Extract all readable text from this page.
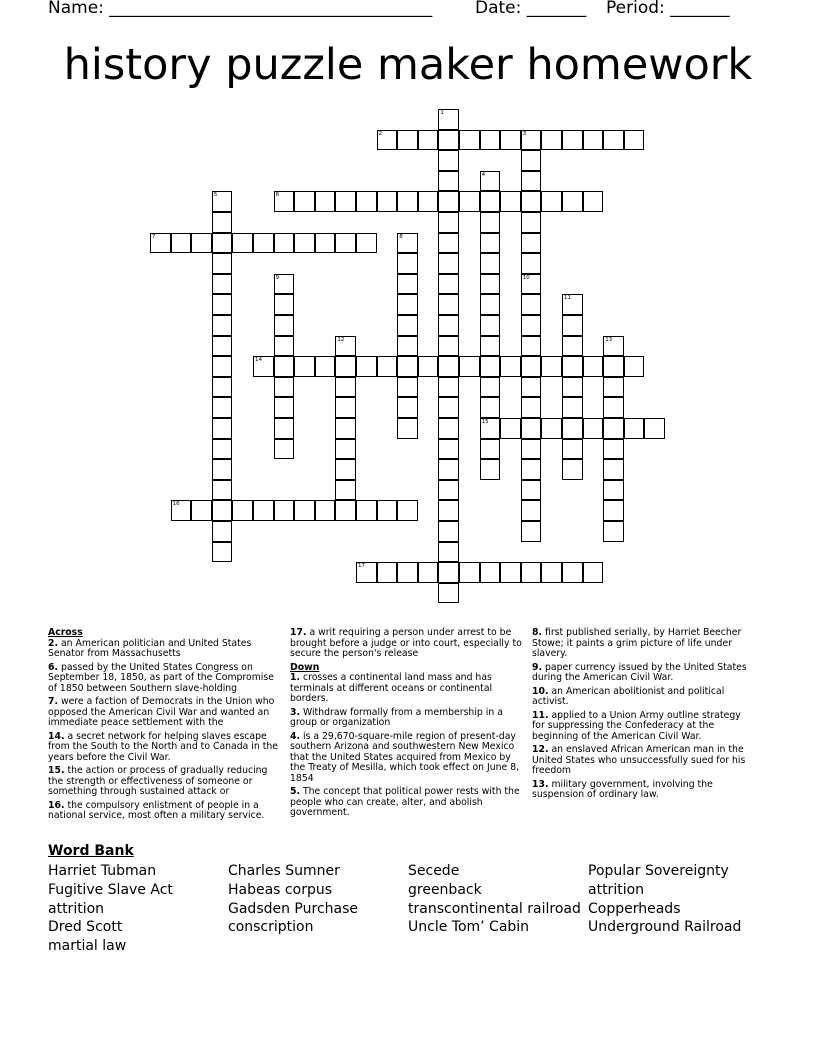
Name: ______________________________________	Date: _______ Period: _______
history puzzle maker homework
1
2	3
4
15
5	6
7	8
9	10
11
12	13
14
16
17
Across
2. an American politician and United States Senator from Massachusetts
6. passed by the United States Congress on September 18, 1850, as part of the Compromise of 1850 between Southern slave-holding
7. were a faction of Democrats in the Union who opposed the American Civil War and wanted an immediate peace settlement with the
14. a secret network for helping slaves escape from the South to the North and to Canada in the years before the Civil War.
15. the action or process of gradually reducing the strength or effectiveness of someone or something through sustained attack or
16. the compulsory enlistment of people in a national service, most often a military service.
17. a writ requiring a person under arrest to be brought before a judge or into court, especially to secure the person's release
Down
1. crosses a continental land mass and has terminals at different oceans or continental borders.
3. Withdraw formally from a membership in a group or organization
4. is a 29,670-square-mile region of present-day southern Arizona and southwestern New Mexico that the United States acquired from Mexico by the Treaty of Mesilla, which took effect on June 8, 1854
5. The concept that political power rests with the people who can create, alter, and abolish government.
8. first published serially, by Harriet Beecher Stowe; it paints a grim picture of life under slavery.
9. paper currency issued by the United States during the American Civil War.
10. an American abolitionist and political activist.
11. applied to a Union Army outline strategy for suppressing the Confederacy at the beginning of the American Civil War.
12. an enslaved African American man in the United States who unsuccessfully sued for his freedom
13. military government, involving the suspension of ordinary law.
Word Bank
Harriet Tubman
Fugitive Slave Act
attrition
Dred Scott
martial law
Charles Sumner
Habeas corpus
Gadsden Purchase
conscription
Secede
greenback
transcontinental railroad
Uncle Tom’ Cabin
Popular Sovereignty
attrition
Copperheads
Underground Railroad
